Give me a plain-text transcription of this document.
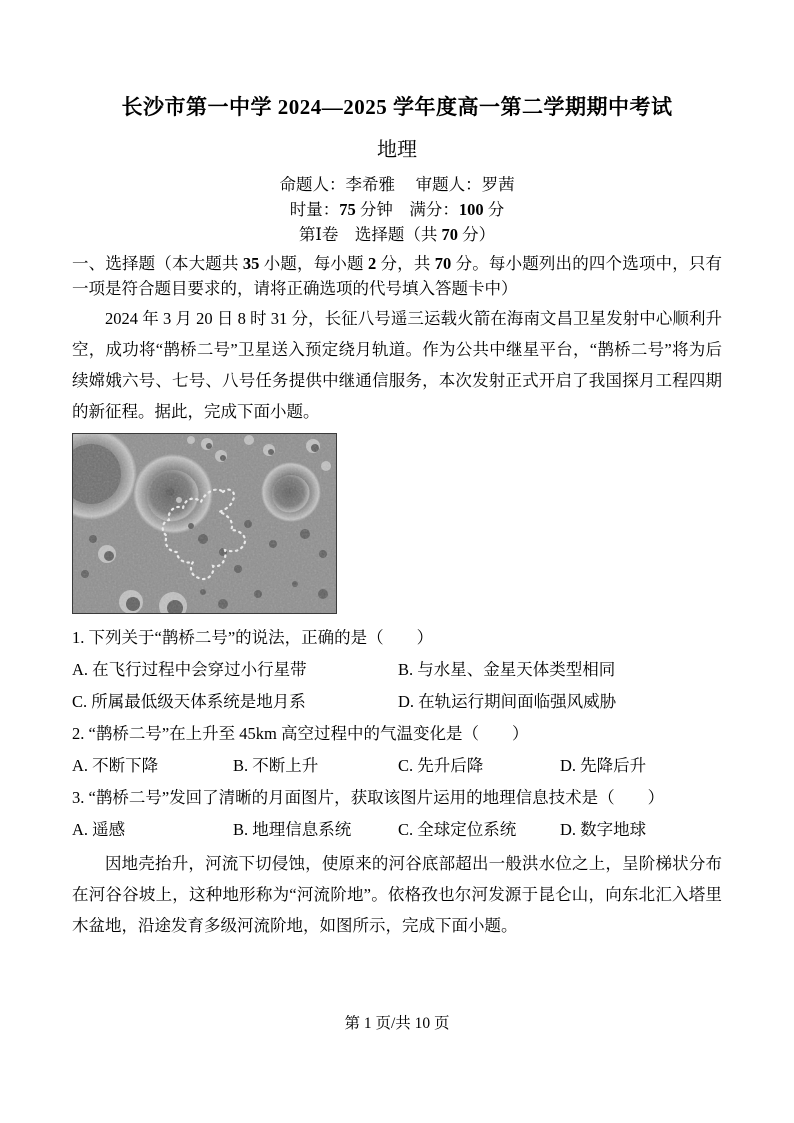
长沙市第一中学 2024—2025 学年度高一第二学期期中考试
地理
命题人：李希雅　 审题人：罗茜
时量：75 分钟　满分：100 分
第Ⅰ卷　选择题（共 70 分）
一、选择题（本大题共 35 小题，每小题 2 分，共 70 分。每小题列出的四个选项中，只有一项是符合题目要求的，请将正确选项的代号填入答题卡中）
2024 年 3 月 20 日 8 时 31 分，长征八号遥三运载火箭在海南文昌卫星发射中心顺利升空，成功将“鹊桥二号”卫星送入预定绕月轨道。作为公共中继星平台，“鹊桥二号”将为后续嫦娥六号、七号、八号任务提供中继通信服务，本次发射正式开启了我国探月工程四期的新征程。据此，完成下面小题。
1. 下列关于“鹊桥二号”的说法，正确的是（　　）
A. 在飞行过程中会穿过小行星带	B. 与水星、金星天体类型相同
C. 所属最低级天体系统是地月系	D. 在轨运行期间面临强风威胁
2. “鹊桥二号”在上升至 45km 高空过程中的气温变化是（　　）
A. 不断下降	B. 不断上升	C. 先升后降	D. 先降后升
3. “鹊桥二号”发回了清晰的月面图片，获取该图片运用的地理信息技术是（　　）
A. 遥感	B. 地理信息系统	C. 全球定位系统	D. 数字地球
因地壳抬升，河流下切侵蚀，使原来的河谷底部超出一般洪水位之上，呈阶梯状分布在河谷谷坡上，这种地形称为“河流阶地”。依格孜也尔河发源于昆仑山，向东北汇入塔里木盆地，沿途发育多级河流阶地，如图所示，完成下面小题。
第 1 页/共 10 页
